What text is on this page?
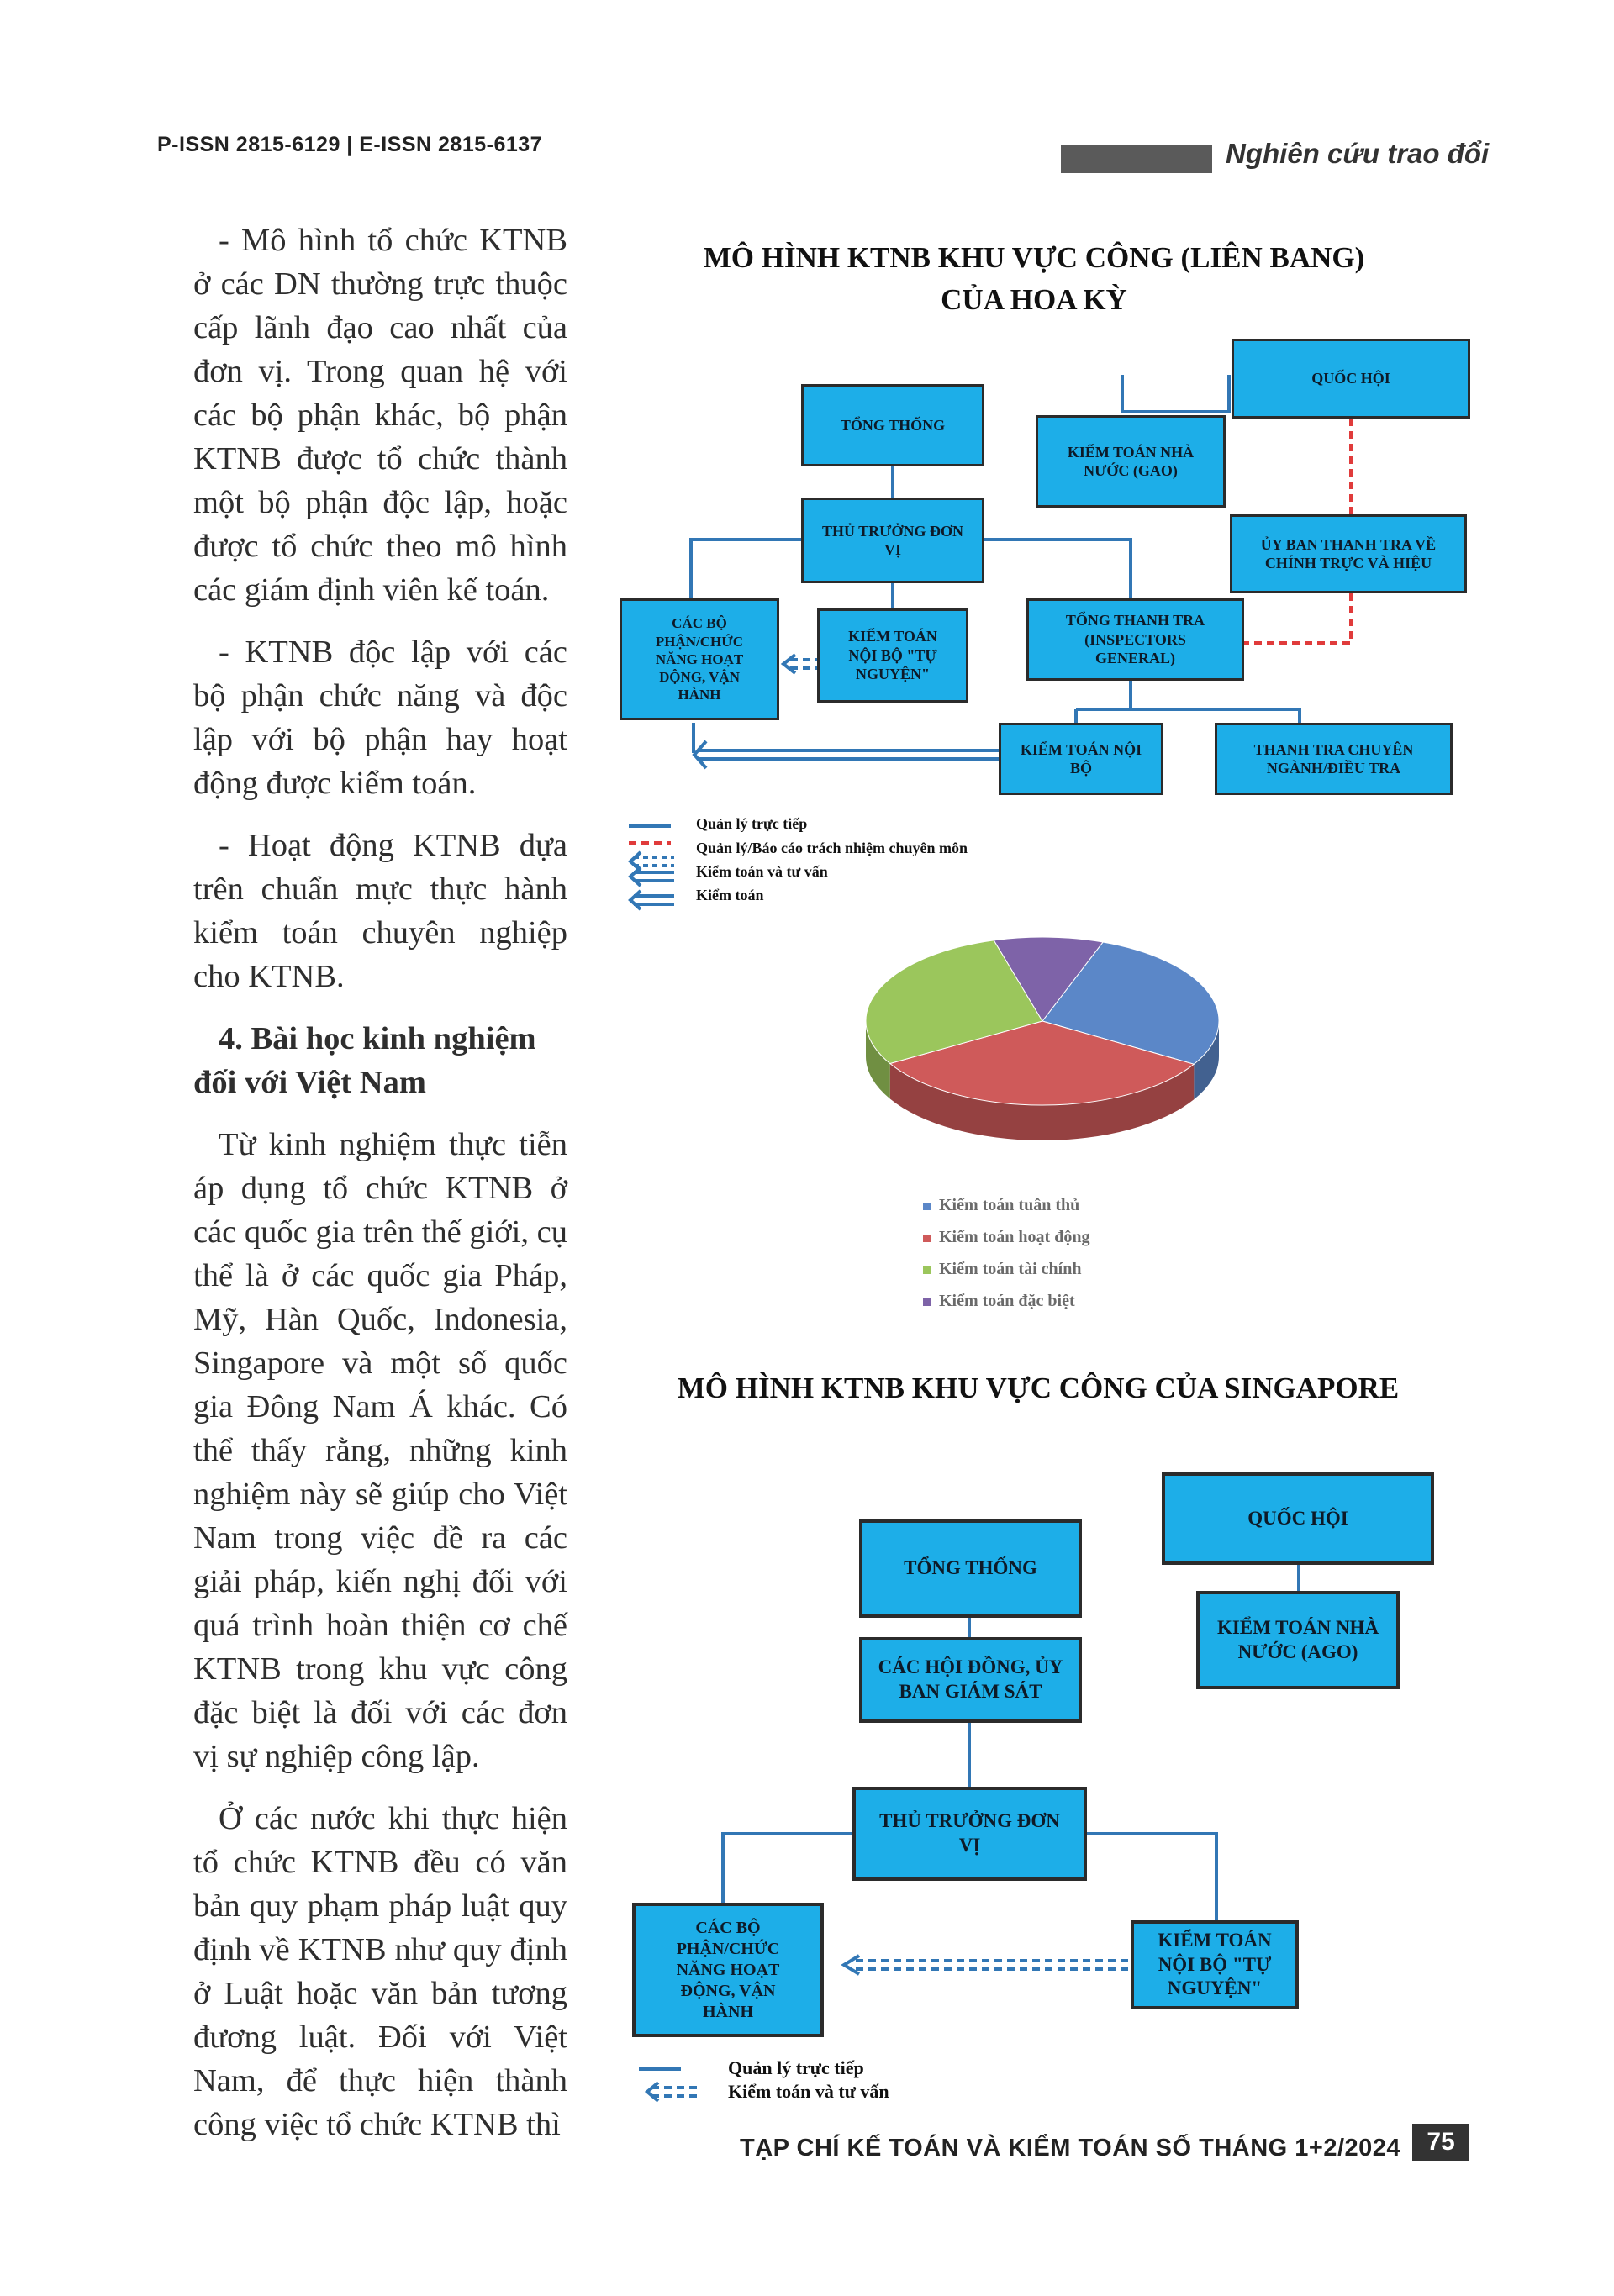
P-ISSN 2815-6129 | E-ISSN 2815-6137	Nghiên cứu trao đổi

- Mô hình tổ chức KTNB ở các DN thường trực thuộc cấp lãnh đạo cao nhất của đơn vị. Trong quan hệ với các bộ phận khác, bộ phận KTNB được tổ chức thành một bộ phận độc lập, hoặc được tổ chức theo mô hình các giám định viên kế toán.

- KTNB độc lập với các bộ phận chức năng và độc lập với bộ phận hay hoạt động được kiểm toán.

- Hoạt động KTNB dựa trên chuẩn mực thực hành kiểm toán chuyên nghiệp cho KTNB.

4. Bài học kinh nghiệm đối với Việt Nam

Từ kinh nghiệm thực tiễn áp dụng tổ chức KTNB ở các quốc gia trên thế giới, cụ thể là ở các quốc gia Pháp, Mỹ, Hàn Quốc, Indonesia, Singapore và một số quốc gia Đông Nam Á khác. Có thể thấy rằng, những kinh nghiệm này sẽ giúp cho Việt Nam trong việc đề ra các giải pháp, kiến nghị đối với quá trình hoàn thiện cơ chế KTNB trong khu vực công đặc biệt là đối với các đơn vị sự nghiệp công lập.

Ở các nước khi thực hiện tổ chức KTNB đều có văn bản quy phạm pháp luật quy định về KTNB như quy định ở Luật hoặc văn bản tương đương luật. Đối với Việt Nam, để thực hiện thành công việc tổ chức KTNB thì

MÔ HÌNH KTNB KHU VỰC CÔNG (LIÊN BANG)
CỦA HOA KỲ
QUỐC HỘI
TỔNG THỐNG
KIỂM TOÁN NHÀ NƯỚC (GAO)
THỦ TRƯỞNG ĐƠN VỊ	ỦY BAN THANH TRA VỀ CHÍNH TRỰC VÀ HIỆU
CÁC BỘ PHẬN/CHỨC NĂNG HOẠT ĐỘNG, VẬN HÀNH
KIỂM TOÁN NỘI BỘ "TỰ NGUYỆN"
TỔNG THANH TRA (INSPECTORS GENERAL)
KIỂM TOÁN NỘI BỘ
THANH TRA CHUYÊN NGÀNH/ĐIỀU TRA
Quản lý trực tiếp
Quản lý/Báo cáo trách nhiệm chuyên môn
Kiểm toán và tư vấn
Kiểm toán
Kiểm toán tuân thủ
Kiểm toán hoạt động
Kiểm toán tài chính
Kiểm toán đặc biệt
MÔ HÌNH KTNB KHU VỰC CÔNG CỦA SINGAPORE
QUỐC HỘI
TỔNG THỐNG
KIỂM TOÁN NHÀ NƯỚC (AGO)
CÁC HỘI ĐỒNG, ỦY BAN GIÁM SÁT
THỦ TRƯỞNG ĐƠN VỊ
CÁC BỘ PHẬN/CHỨC NĂNG HOẠT ĐỘNG, VẬN HÀNH
KIỂM TOÁN NỘI BỘ "TỰ NGUYỆN"
Quản lý trực tiếp
Kiểm toán và tư vấn
TẠP CHÍ KẾ TOÁN VÀ KIỂM TOÁN SỐ THÁNG 1+2/2024	75
